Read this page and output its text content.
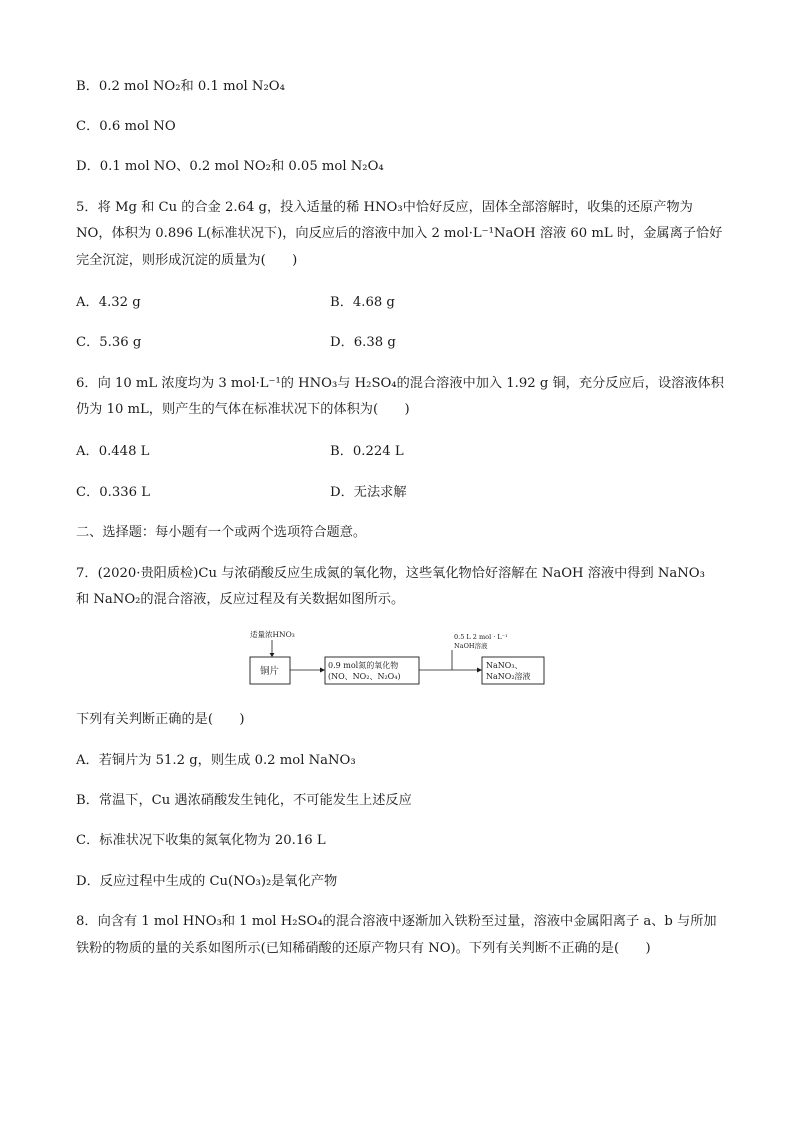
B．0.2 mol NO₂和 0.1 mol N₂O₄
C．0.6 mol NO
D．0.1 mol NO、0.2 mol NO₂和 0.05 mol N₂O₄
5．将 Mg 和 Cu 的合金 2.64 g，投入适量的稀 HNO₃中恰好反应，固体全部溶解时，收集的还原产物为
NO，体积为 0.896 L(标准状况下)，向反应后的溶液中加入 2 mol·L⁻¹NaOH 溶液 60 mL 时，金属离子恰好
完全沉淀，则形成沉淀的质量为(　　)
A．4.32 g	B．4.68 g
C．5.36 g	D．6.38 g
6．向 10 mL 浓度均为 3 mol·L⁻¹的 HNO₃与 H₂SO₄的混合溶液中加入 1.92 g 铜，充分反应后，设溶液体积
仍为 10 mL，则产生的气体在标准状况下的体积为(　　)
A．0.448 L	B．0.224 L
C．0.336 L	D．无法求解
二、选择题：每小题有一个或两个选项符合题意。
7．(2020·贵阳质检)Cu 与浓硝酸反应生成氮的氧化物，这些氧化物恰好溶解在 NaOH 溶液中得到 NaNO₃
和 NaNO₂的混合溶液，反应过程及有关数据如图所示。
适量浓HNO₃
铜片
0.9 mol氮的氧化物
(NO、NO₂、N₂O₄)
0.5 L 2 mol · L⁻¹
NaOH溶液
NaNO₃、
NaNO₂溶液
下列有关判断正确的是(　　)
A．若铜片为 51.2 g，则生成 0.2 mol NaNO₃
B．常温下，Cu 遇浓硝酸发生钝化，不可能发生上述反应
C．标准状况下收集的氮氧化物为 20.16 L
D．反应过程中生成的 Cu(NO₃)₂是氧化产物
8．向含有 1 mol HNO₃和 1 mol H₂SO₄的混合溶液中逐渐加入铁粉至过量，溶液中金属阳离子 a、b 与所加
铁粉的物质的量的关系如图所示(已知稀硝酸的还原产物只有 NO)。下列有关判断不正确的是(　　)
